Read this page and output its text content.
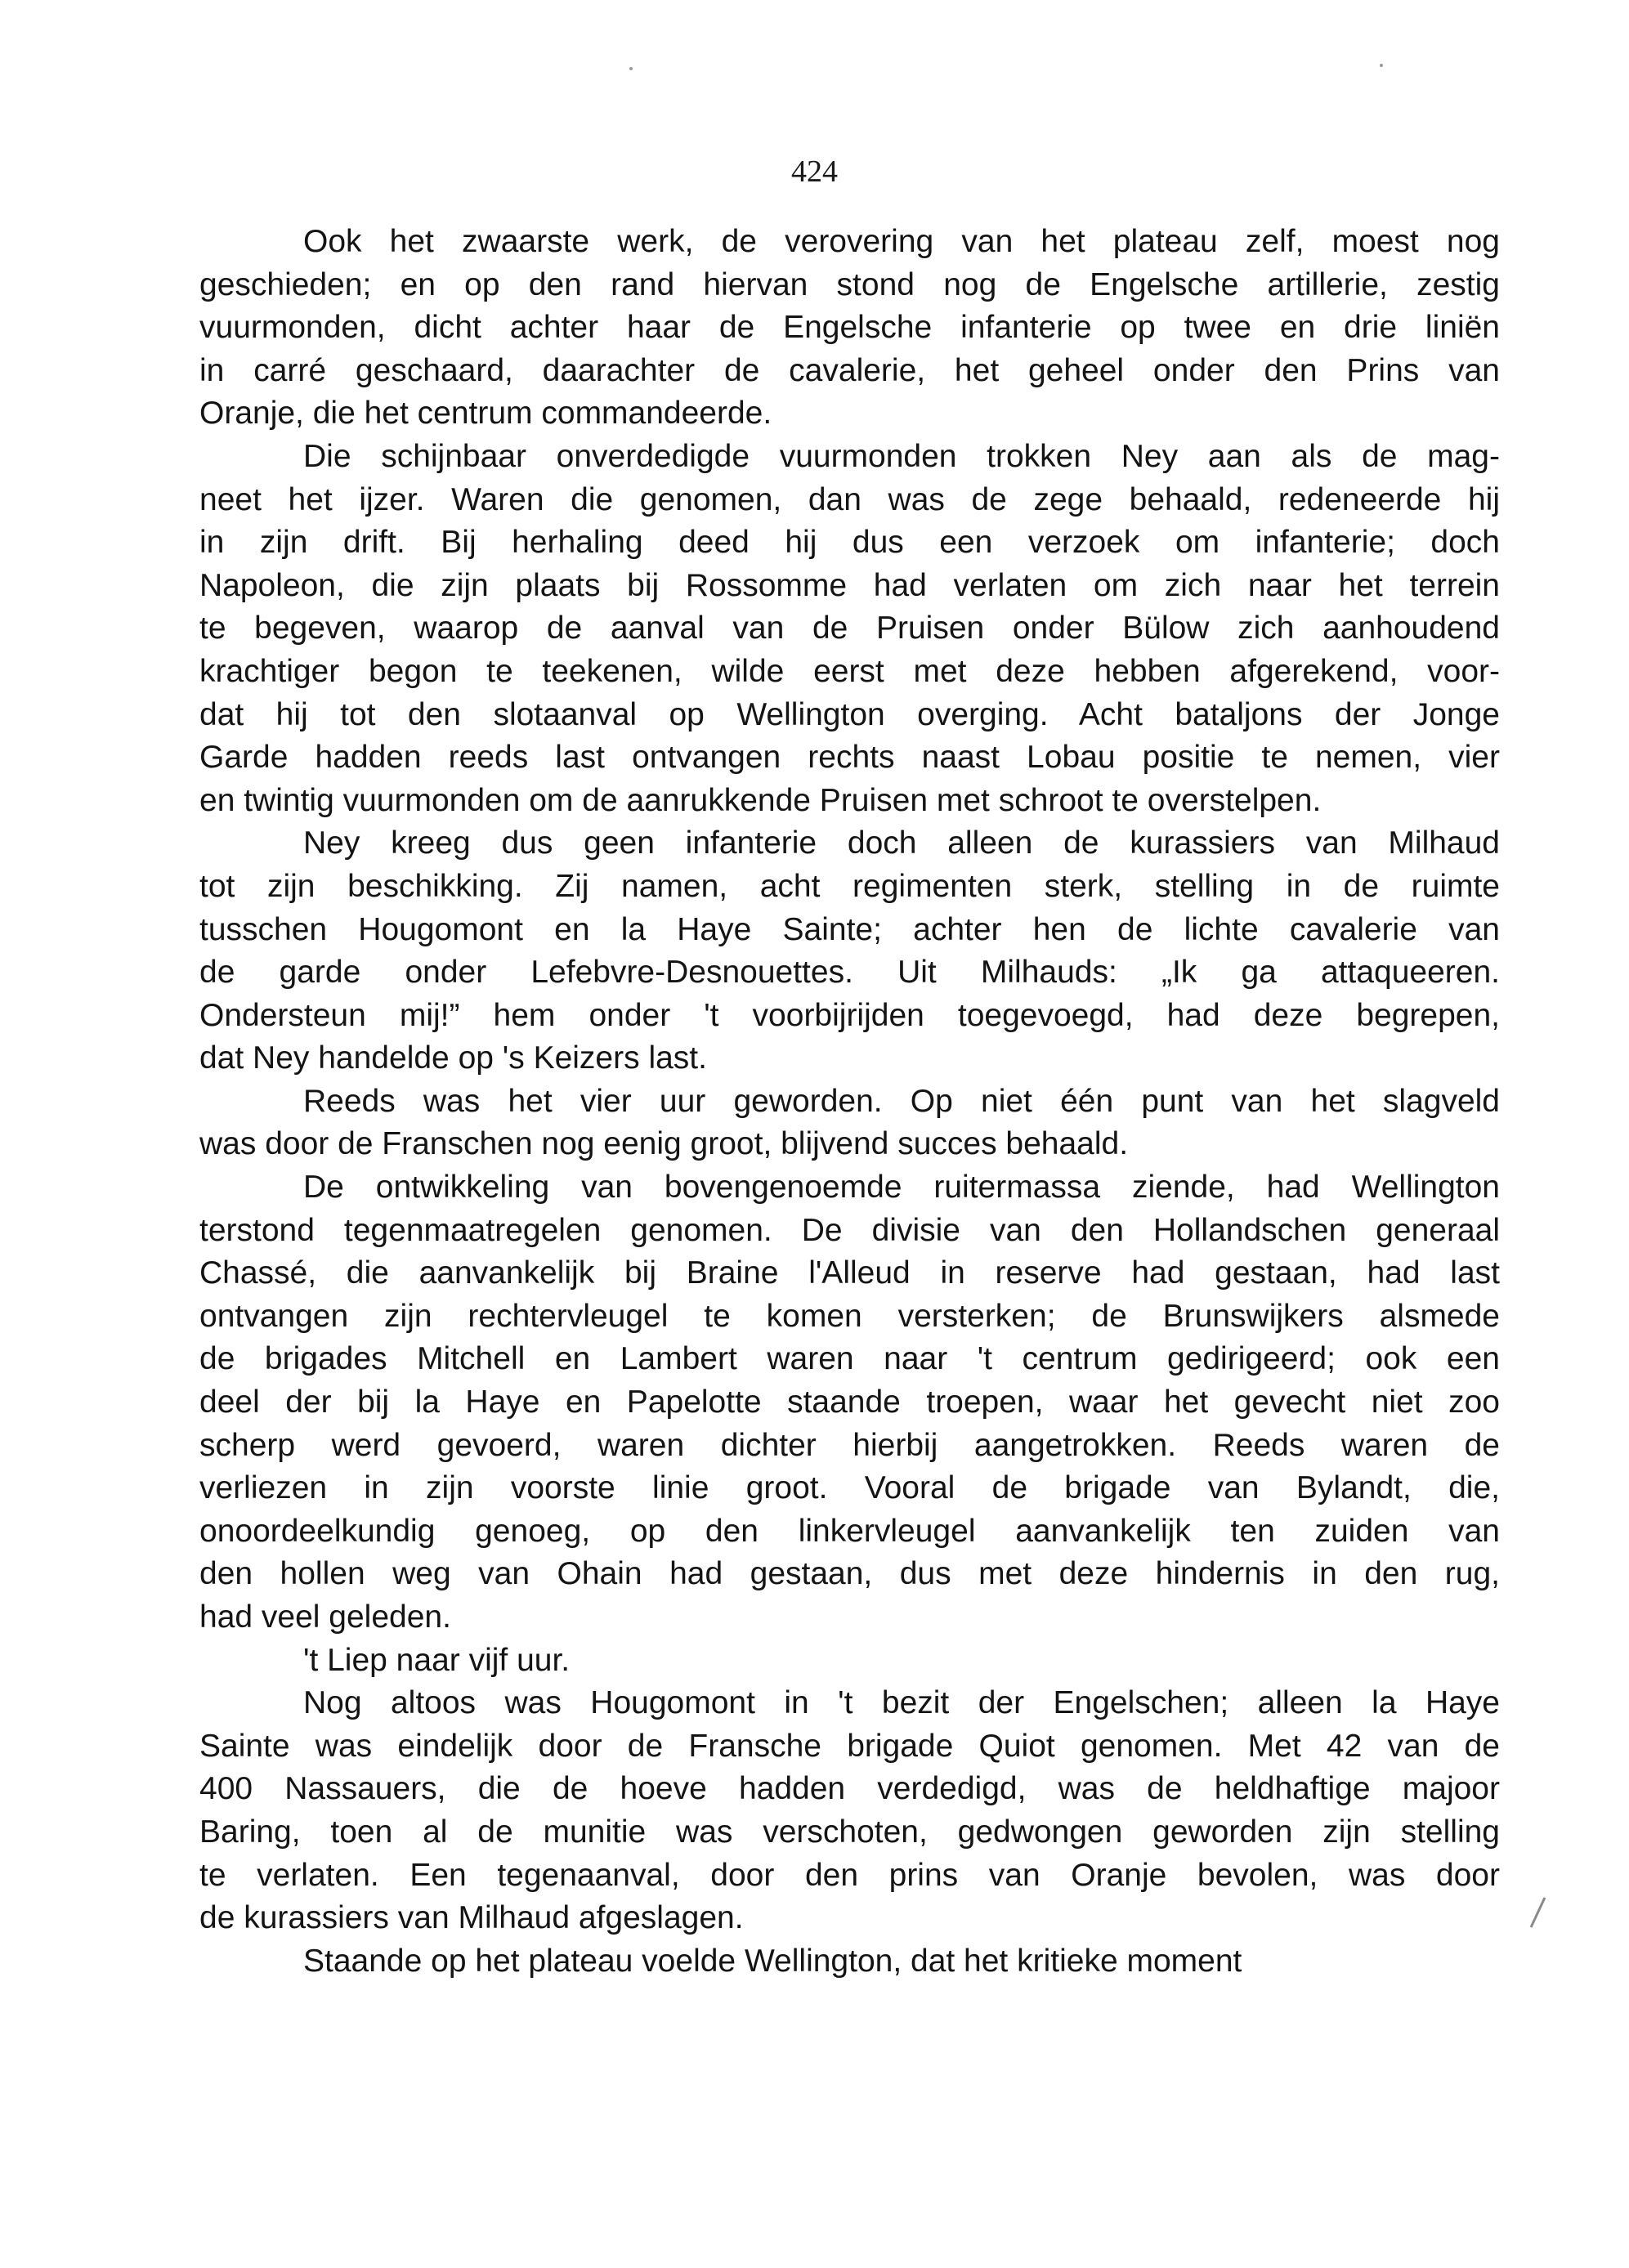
424
Ook het zwaarste werk, de verovering van het plateau zelf, moest nog
geschieden; en op den rand hiervan stond nog de Engelsche artillerie, zestig
vuurmonden, dicht achter haar de Engelsche infanterie op twee en drie liniën
in carré geschaard, daarachter de cavalerie, het geheel onder den Prins van
Oranje, die het centrum commandeerde.
Die schijnbaar onverdedigde vuurmonden trokken Ney aan als de mag-
neet het ijzer. Waren die genomen, dan was de zege behaald, redeneerde hij
in zijn drift. Bij herhaling deed hij dus een verzoek om infanterie; doch
Napoleon, die zijn plaats bij Rossomme had verlaten om zich naar het terrein
te begeven, waarop de aanval van de Pruisen onder Bülow zich aanhoudend
krachtiger begon te teekenen, wilde eerst met deze hebben afgerekend, voor-
dat hij tot den slotaanval op Wellington overging. Acht bataljons der Jonge
Garde hadden reeds last ontvangen rechts naast Lobau positie te nemen, vier
en twintig vuurmonden om de aanrukkende Pruisen met schroot te overstelpen.
Ney kreeg dus geen infanterie doch alleen de kurassiers van Milhaud
tot zijn beschikking. Zij namen, acht regimenten sterk, stelling in de ruimte
tusschen Hougomont en la Haye Sainte; achter hen de lichte cavalerie van
de garde onder Lefebvre-Desnouettes. Uit Milhauds: „Ik ga attaqueeren.
Ondersteun mij!” hem onder 't voorbijrijden toegevoegd, had deze begrepen,
dat Ney handelde op 's Keizers last.
Reeds was het vier uur geworden. Op niet één punt van het slagveld
was door de Franschen nog eenig groot, blijvend succes behaald.
De ontwikkeling van bovengenoemde ruitermassa ziende, had Wellington
terstond tegenmaatregelen genomen. De divisie van den Hollandschen generaal
Chassé, die aanvankelijk bij Braine l'Alleud in reserve had gestaan, had last
ontvangen zijn rechtervleugel te komen versterken; de Brunswijkers alsmede
de brigades Mitchell en Lambert waren naar 't centrum gedirigeerd; ook een
deel der bij la Haye en Papelotte staande troepen, waar het gevecht niet zoo
scherp werd gevoerd, waren dichter hierbij aangetrokken. Reeds waren de
verliezen in zijn voorste linie groot. Vooral de brigade van Bylandt, die,
onoordeelkundig genoeg, op den linkervleugel aanvankelijk ten zuiden van
den hollen weg van Ohain had gestaan, dus met deze hindernis in den rug,
had veel geleden.
't Liep naar vijf uur.
Nog altoos was Hougomont in 't bezit der Engelschen; alleen la Haye
Sainte was eindelijk door de Fransche brigade Quiot genomen. Met 42 van de
400 Nassauers, die de hoeve hadden verdedigd, was de heldhaftige majoor
Baring, toen al de munitie was verschoten, gedwongen geworden zijn stelling
te verlaten. Een tegenaanval, door den prins van Oranje bevolen, was door
de kurassiers van Milhaud afgeslagen.
Staande op het plateau voelde Wellington, dat het kritieke moment
